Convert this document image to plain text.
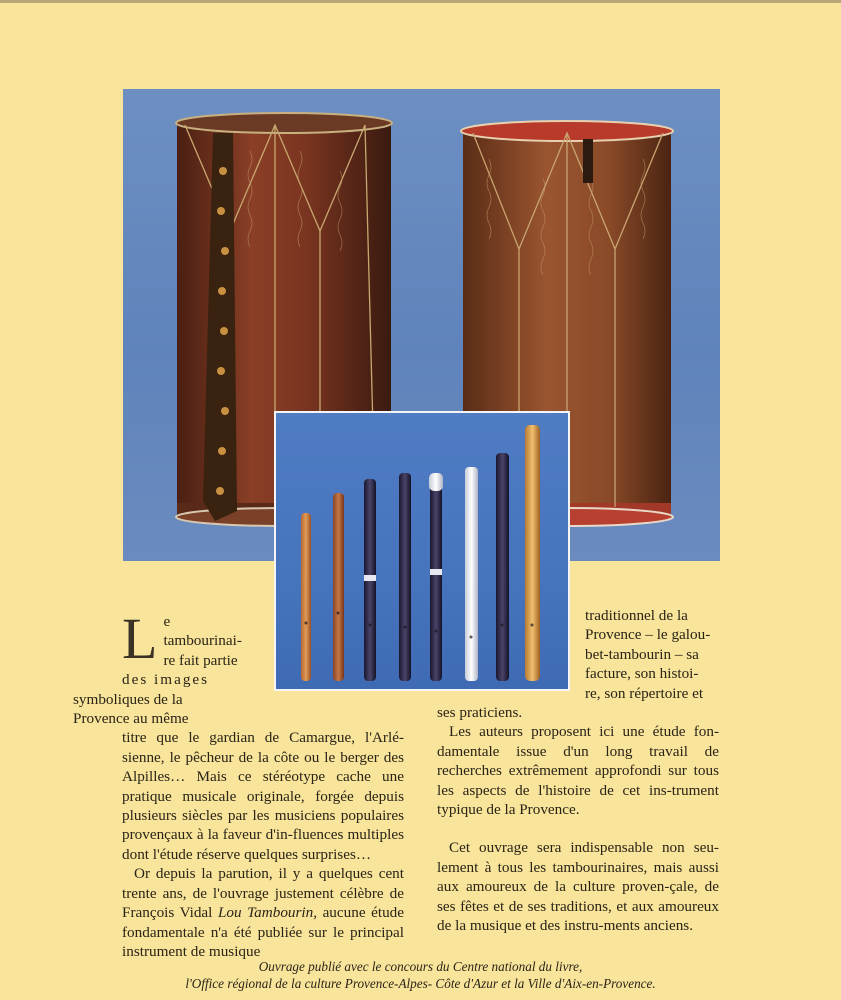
L e tambourinai-
re fait partie
des images
symboliques de la
Provence au même

titre que le gardian de Camargue, l'Arlé-sienne, le pêcheur de la côte ou le berger des Alpilles… Mais ce stéréotype cache une pratique musicale originale, forgée depuis plusieurs siècles par les musiciens populaires provençaux à la faveur d'in-fluences multiples dont l'étude réserve quelques surprises…

Or depuis la parution, il y a quelques cent trente ans, de l'ouvrage justement célèbre de François Vidal Lou Tambourin, aucune étude fondamentale n'a été publiée sur le principal instrument de musique

traditionnel de la
Provence – le galou-
bet-tambourin – sa
facture, son histoi-
re, son répertoire et

ses praticiens.

Les auteurs proposent ici une étude fon-damentale issue d'un long travail de recherches extrêmement approfondi sur tous les aspects de l'histoire de cet ins-trument typique de la Provence.

Cet ouvrage sera indispensable non seu-lement à tous les tambourinaires, mais aussi aux amoureux de la culture proven-çale, de ses fêtes et de ses traditions, et aux amoureux de la musique et des instru-ments anciens.

Ouvrage publié avec le concours du Centre national du livre,
l'Office régional de la culture Provence-Alpes- Côte d'Azur et la Ville d'Aix-en-Provence.
